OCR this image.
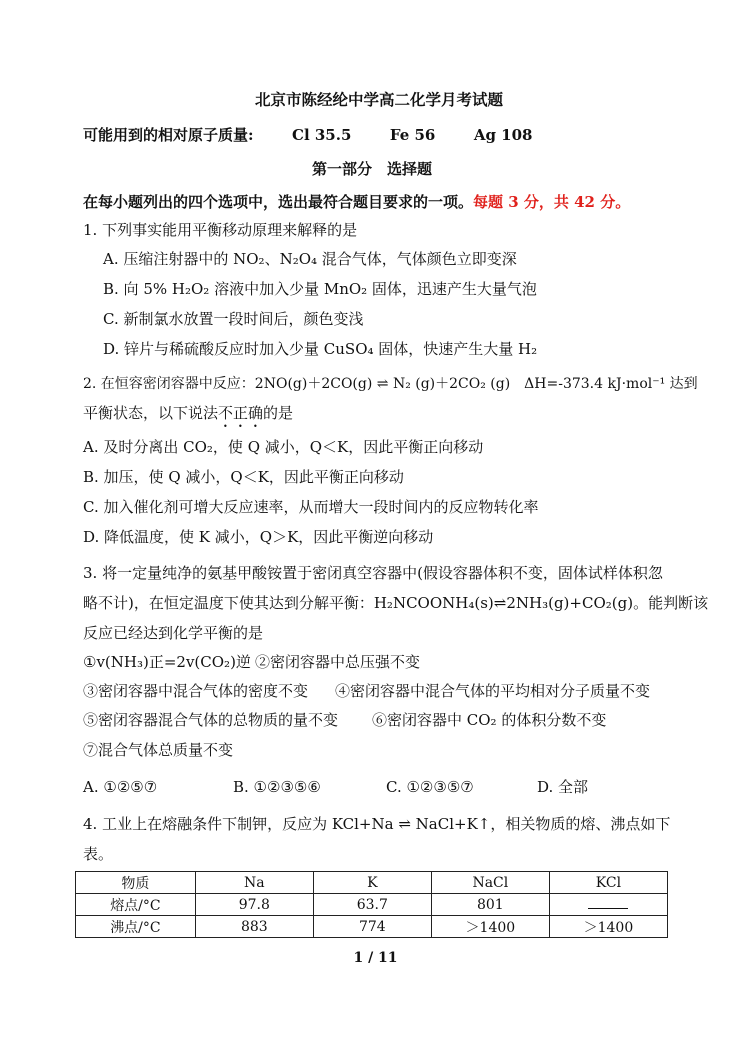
北京市陈经纶中学高二化学月考试题
可能用到的相对原子质量:	Cl 35.5	Fe 56	Ag 108
第一部分　选择题
在每小题列出的四个选项中，选出最符合题目要求的一项。每题 3 分，共 42 分。
1. 下列事实能用平衡移动原理来解释的是
A. 压缩注射器中的 NO₂、N₂O₄ 混合气体，气体颜色立即变深
B. 向 5% H₂O₂ 溶液中加入少量 MnO₂ 固体，迅速产生大量气泡
C. 新制氯水放置一段时间后，颜色变浅
D. 锌片与稀硫酸反应时加入少量 CuSO₄ 固体，快速产生大量 H₂
2. 在恒容密闭容器中反应：2NO(g)＋2CO(g) ⇌ N₂ (g)＋2CO₂ (g)　ΔH=-373.4 kJ·mol⁻¹ 达到
平衡状态，以下说法不正确的是
A. 及时分离出 CO₂，使 Q 减小，Q＜K，因此平衡正向移动
B. 加压，使 Q 减小，Q＜K，因此平衡正向移动
C. 加入催化剂可增大反应速率，从而增大一段时间内的反应物转化率
D. 降低温度，使 K 减小，Q＞K，因此平衡逆向移动
3. 将一定量纯净的氨基甲酸铵置于密闭真空容器中(假设容器体积不变，固体试样体积忽
略不计)，在恒定温度下使其达到分解平衡：H₂NCOONH₄(s)⇌2NH₃(g)+CO₂(g)。能判断该
反应已经达到化学平衡的是
①v(NH₃)正=2v(CO₂)逆 ②密闭容器中总压强不变
③密闭容器中混合气体的密度不变 ④密闭容器中混合气体的平均相对分子质量不变
⑤密闭容器混合气体的总物质的量不变 ⑥密闭容器中 CO₂ 的体积分数不变
⑦混合气体总质量不变
A. ①②⑤⑦	B. ①②③⑤⑥	C. ①②③⑤⑦	D. 全部
4. 工业上在熔融条件下制钾，反应为 KCl+Na ⇌ NaCl+K↑，相关物质的熔、沸点如下
表。
物质	Na	K	NaCl	KCl
熔点/°C	97.8	63.7	801	
沸点/°C	883	774	＞1400	＞1400
1 / 11
